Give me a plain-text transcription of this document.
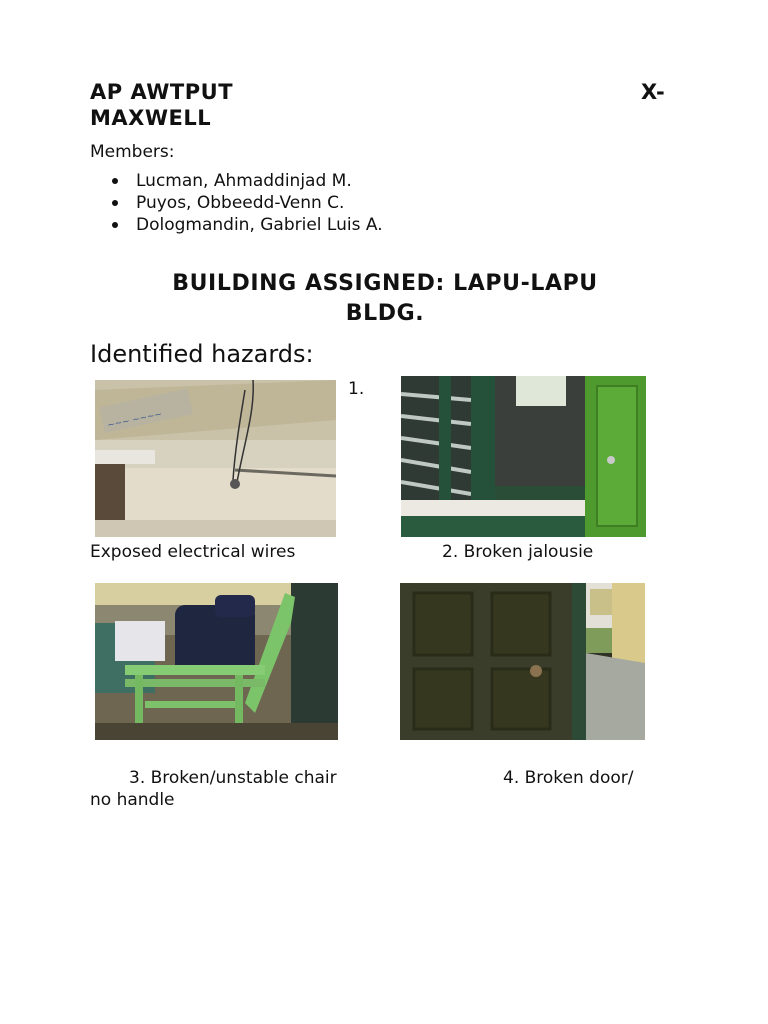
AP AWTPUT	X-
MAXWELL
Members:
Lucman, Ahmaddinjad M.
Puyos, Obbeedd-Venn C.
Dologmandin, Gabriel Luis A.
BUILDING ASSIGNED: LAPU-LAPU
BLDG.
Identified hazards:
1.
~~~ ~~~~
Exposed electrical wires	2. Broken jalousie
3. Broken/unstable chair	4. Broken door/
no handle
